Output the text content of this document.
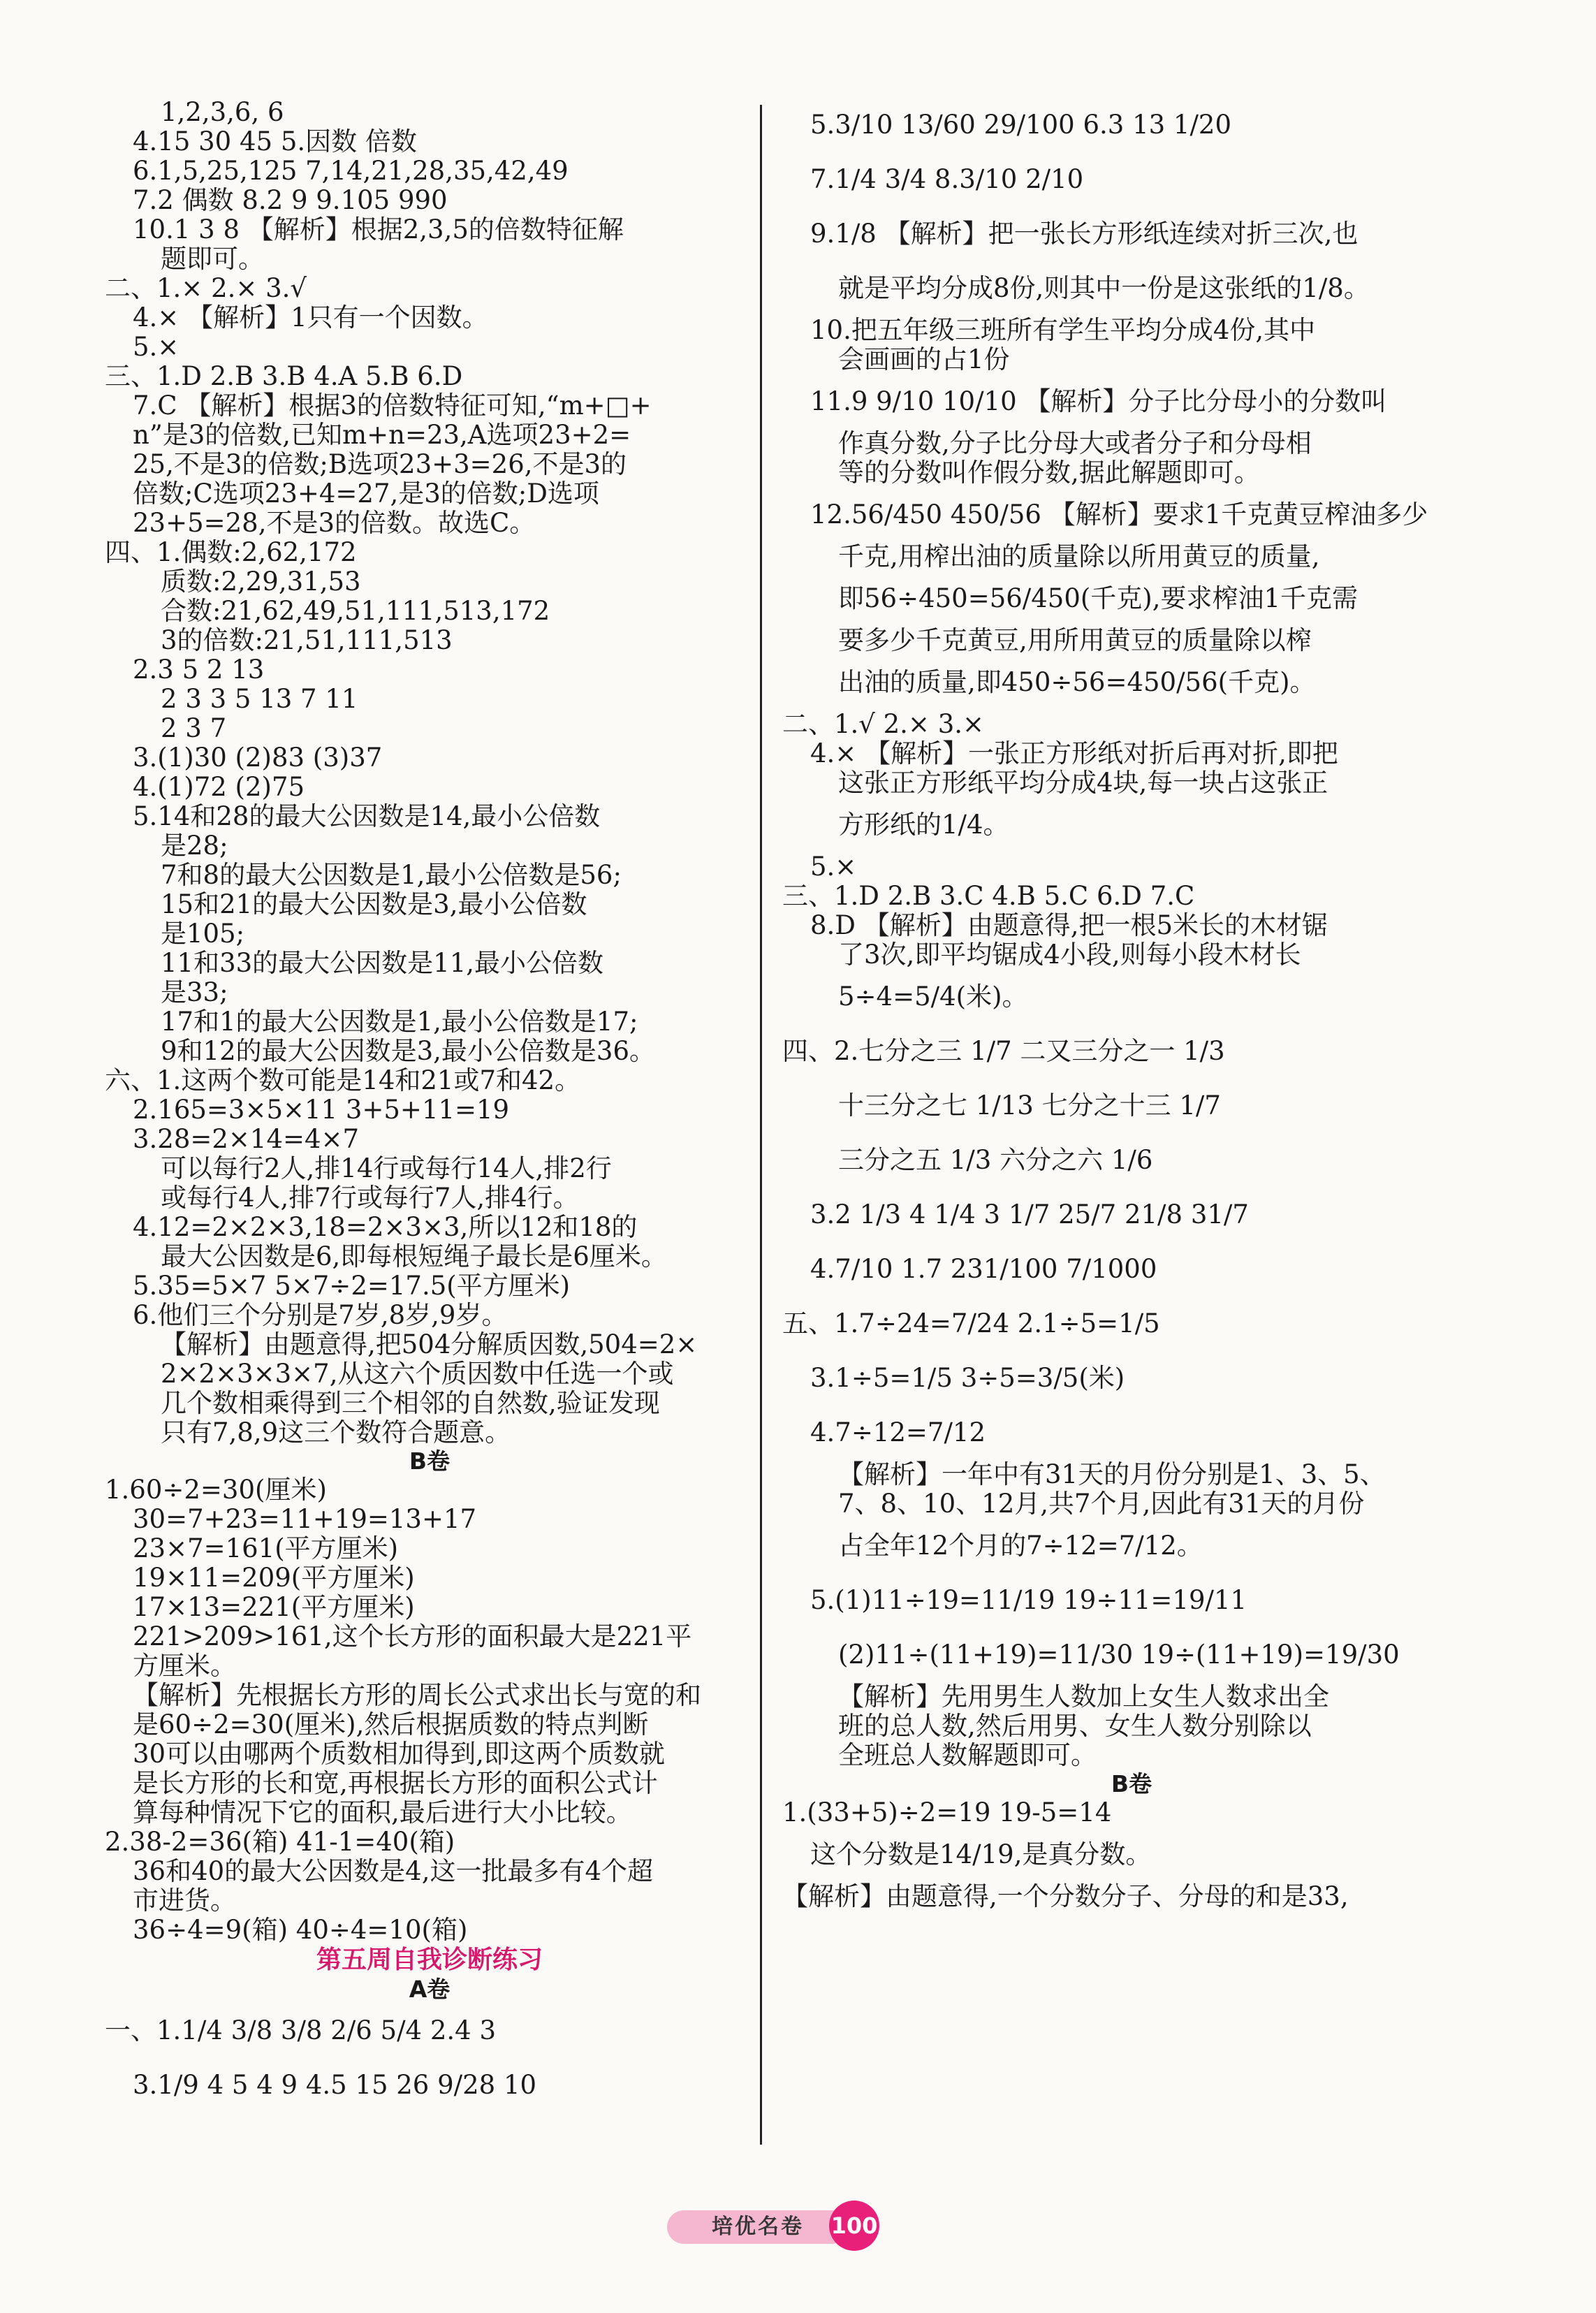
1,2,3,6, 6
4.15 30 45 5.因数 倍数
6.1,5,25,125 7,14,21,28,35,42,49
7.2 偶数 8.2 9 9.105 990
10.1 3 8 【解析】根据2,3,5的倍数特征解
题即可。
二、1.× 2.× 3.√
4.× 【解析】1只有一个因数。
5.×
三、1.D 2.B 3.B 4.A 5.B 6.D
7.C 【解析】根据3的倍数特征可知,“m+□+
n”是3的倍数,已知m+n=23,A选项23+2=
25,不是3的倍数;B选项23+3=26,不是3的
倍数;C选项23+4=27,是3的倍数;D选项
23+5=28,不是3的倍数。故选C。
四、1.偶数:2,62,172
质数:2,29,31,53
合数:21,62,49,51,111,513,172
3的倍数:21,51,111,513
2.3 5 2 13
2 3 3 5 13 7 11
2 3 7
3.(1)30 (2)83 (3)37
4.(1)72 (2)75
5.14和28的最大公因数是14,最小公倍数
是28;
7和8的最大公因数是1,最小公倍数是56;
15和21的最大公因数是3,最小公倍数
是105;
11和33的最大公因数是11,最小公倍数
是33;
17和1的最大公因数是1,最小公倍数是17;
9和12的最大公因数是3,最小公倍数是36。
六、1.这两个数可能是14和21或7和42。
2.165=3×5×11 3+5+11=19
3.28=2×14=4×7
可以每行2人,排14行或每行14人,排2行
或每行4人,排7行或每行7人,排4行。
4.12=2×2×3,18=2×3×3,所以12和18的
最大公因数是6,即每根短绳子最长是6厘米。
5.35=5×7 5×7÷2=17.5(平方厘米)
6.他们三个分别是7岁,8岁,9岁。
【解析】由题意得,把504分解质因数,504=2×
2×2×3×3×7,从这六个质因数中任选一个或
几个数相乘得到三个相邻的自然数,验证发现
只有7,8,9这三个数符合题意。
B卷
1.60÷2=30(厘米)
30=7+23=11+19=13+17
23×7=161(平方厘米)
19×11=209(平方厘米)
17×13=221(平方厘米)
221>209>161,这个长方形的面积最大是221平
方厘米。
【解析】先根据长方形的周长公式求出长与宽的和
是60÷2=30(厘米),然后根据质数的特点判断
30可以由哪两个质数相加得到,即这两个质数就
是长方形的长和宽,再根据长方形的面积公式计
算每种情况下它的面积,最后进行大小比较。
2.38-2=36(箱) 41-1=40(箱)
36和40的最大公因数是4,这一批最多有4个超
市进货。
36÷4=9(箱) 40÷4=10(箱)
第五周自我诊断练习
A卷
一、1.1/4 3/8 3/8 2/6 5/4 2.4 3
3.1/9 4 5 4 9 4.5 15 26 9/28 10
5.3/10 13/60 29/100 6.3 13 1/20
7.1/4 3/4 8.3/10 2/10
9.1/8 【解析】把一张长方形纸连续对折三次,也
就是平均分成8份,则其中一份是这张纸的1/8。
10.把五年级三班所有学生平均分成4份,其中
会画画的占1份
11.9 9/10 10/10 【解析】分子比分母小的分数叫
作真分数,分子比分母大或者分子和分母相
等的分数叫作假分数,据此解题即可。
12.56/450 450/56 【解析】要求1千克黄豆榨油多少
千克,用榨出油的质量除以所用黄豆的质量,
即56÷450=56/450(千克),要求榨油1千克需
要多少千克黄豆,用所用黄豆的质量除以榨
出油的质量,即450÷56=450/56(千克)。
二、1.√ 2.× 3.×
4.× 【解析】一张正方形纸对折后再对折,即把
这张正方形纸平均分成4块,每一块占这张正
方形纸的1/4。
5.×
三、1.D 2.B 3.C 4.B 5.C 6.D 7.C
8.D 【解析】由题意得,把一根5米长的木材锯
了3次,即平均锯成4小段,则每小段木材长
5÷4=5/4(米)。
四、2.七分之三 1/7 二又三分之一 1/3
十三分之七 1/13 七分之十三 1/7
三分之五 1/3 六分之六 1/6
3.2 1/3 4 1/4 3 1/7 25/7 21/8 31/7
4.7/10 1.7 231/100 7/1000
五、1.7÷24=7/24 2.1÷5=1/5
3.1÷5=1/5 3÷5=3/5(米)
4.7÷12=7/12
【解析】一年中有31天的月份分别是1、3、5、
7、8、10、12月,共7个月,因此有31天的月份
占全年12个月的7÷12=7/12。
5.(1)11÷19=11/19 19÷11=19/11
(2)11÷(11+19)=11/30 19÷(11+19)=19/30
【解析】先用男生人数加上女生人数求出全
班的总人数,然后用男、女生人数分别除以
全班总人数解题即可。
B卷
1.(33+5)÷2=19 19-5=14
这个分数是14/19,是真分数。
【解析】由题意得,一个分数分子、分母的和是33,
培优名卷	100
